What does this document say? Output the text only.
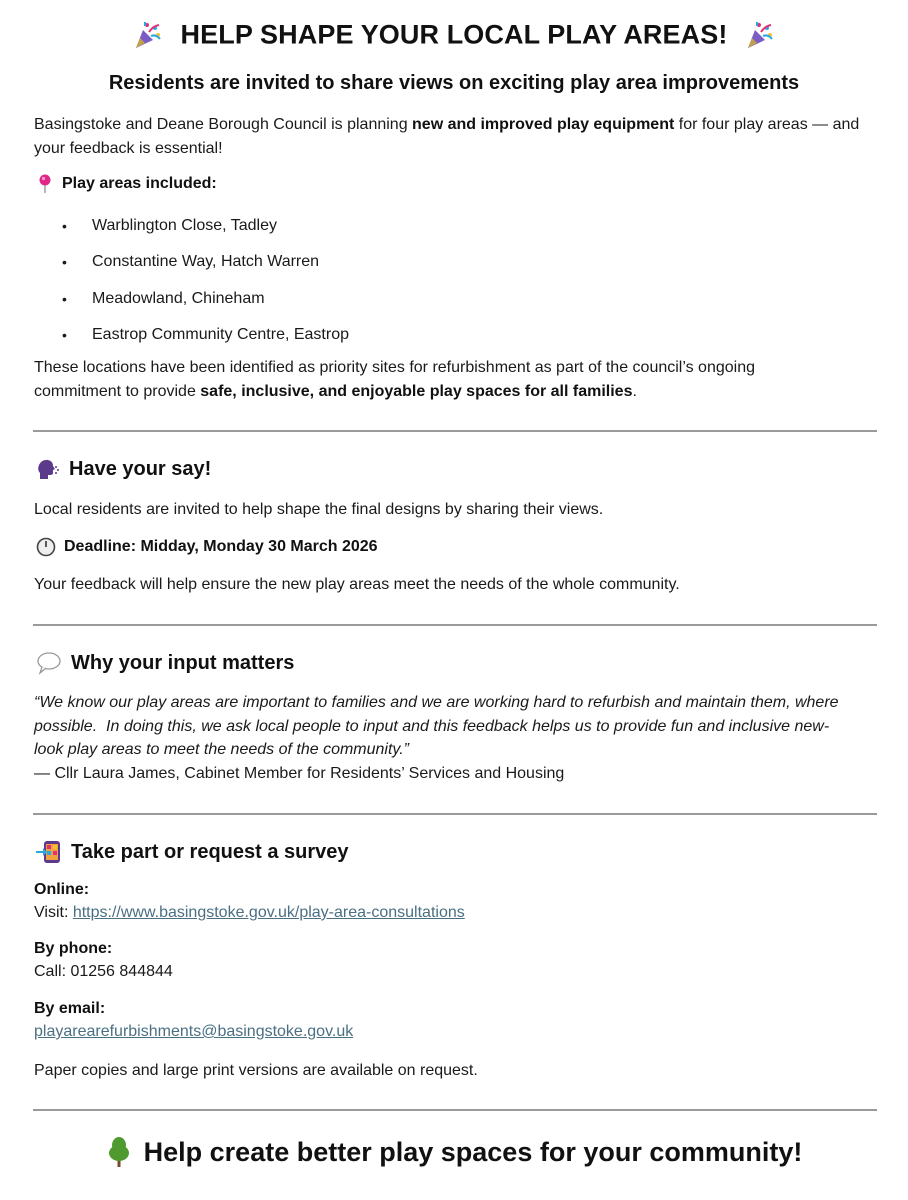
HELP SHAPE YOUR LOCAL PLAY AREAS!
Residents are invited to share views on exciting play area improvements
Basingstoke and Deane Borough Council is planning new and improved play equipment for four play areas — and your feedback is essential!
Play areas included:
•	Warblington Close, Tadley
•	Constantine Way, Hatch Warren
•	Meadowland, Chineham
•	Eastrop Community Centre, Eastrop
These locations have been identified as priority sites for refurbishment as part of the council’s ongoing commitment to provide safe, inclusive, and enjoyable play spaces for all families.
Have your say!
Local residents are invited to help shape the final designs by sharing their views.
Deadline: Midday, Monday 30 March 2026
Your feedback will help ensure the new play areas meet the needs of the whole community.
Why your input matters
“We know our play areas are important to families and we are working hard to refurbish and maintain them, where possible.  In doing this, we ask local people to input and this feedback helps us to provide fun and inclusive new-look play areas to meet the needs of the community.”
— Cllr Laura James, Cabinet Member for Residents’ Services and Housing
Take part or request a survey
Online:
Visit: https://www.basingstoke.gov.uk/play-area-consultations
By phone:
Call: 01256 844844
By email:
playarearefurbishments@basingstoke.gov.uk
Paper copies and large print versions are available on request.
Help create better play spaces for your community!
